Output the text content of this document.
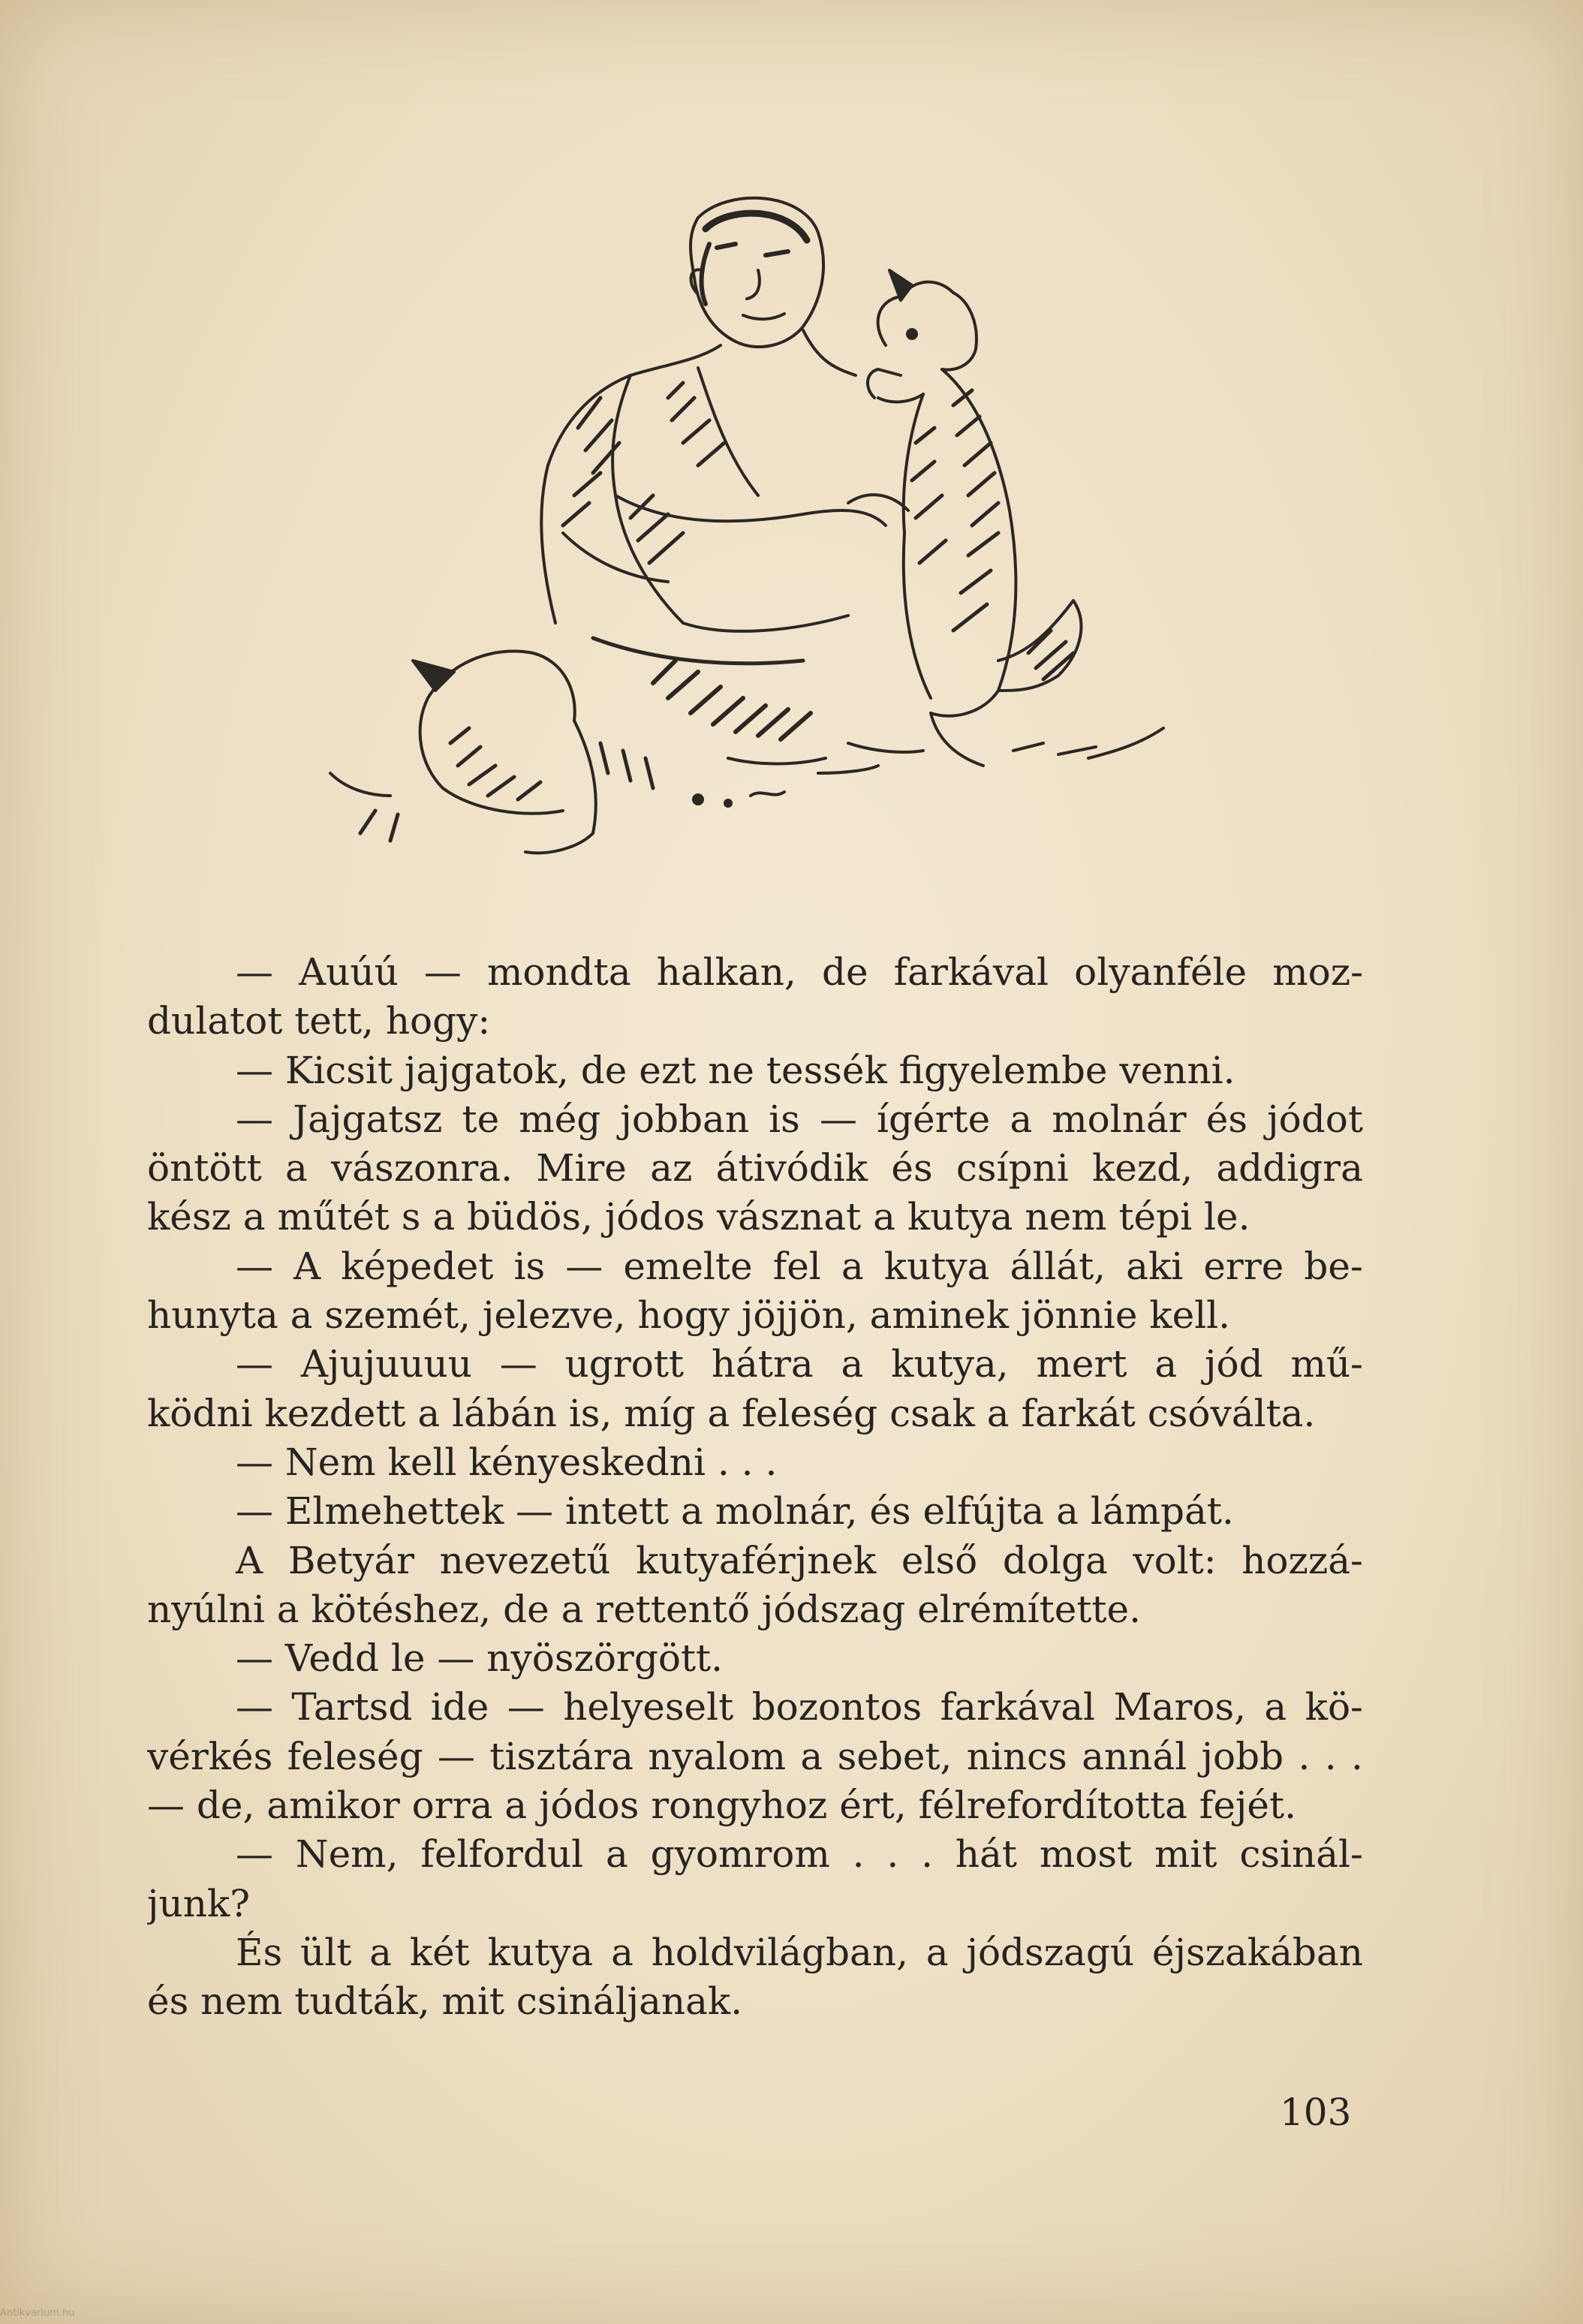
— Auúú — mondta halkan, de farkával olyanféle moz-
dulatot tett, hogy:
— Kicsit jajgatok, de ezt ne tessék figyelembe venni.
— Jajgatsz te még jobban is — ígérte a molnár és jódot
öntött a vászonra. Mire az átivódik és csípni kezd, addigra
kész a műtét s a büdös, jódos vásznat a kutya nem tépi le.
— A képedet is — emelte fel a kutya állát, aki erre be-
hunyta a szemét, jelezve, hogy jöjjön, aminek jönnie kell.
— Ajujuuuu — ugrott hátra a kutya, mert a jód mű-
ködni kezdett a lábán is, míg a feleség csak a farkát csóválta.
— Nem kell kényeskedni . . .
— Elmehettek — intett a molnár, és elfújta a lámpát.
A Betyár nevezetű kutyaférjnek első dolga volt: hozzá-
nyúlni a kötéshez, de a rettentő jódszag elrémítette.
— Vedd le — nyöszörgött.
— Tartsd ide — helyeselt bozontos farkával Maros, a kö-
vérkés feleség — tisztára nyalom a sebet, nincs annál jobb . . .
— de, amikor orra a jódos rongyhoz ért, félrefordította fejét.
— Nem, felfordul a gyomrom . . . hát most mit csinál-
junk?
És ült a két kutya a holdvilágban, a jódszagú éjszakában
és nem tudták, mit csináljanak.
103
Antikvarium.hu
